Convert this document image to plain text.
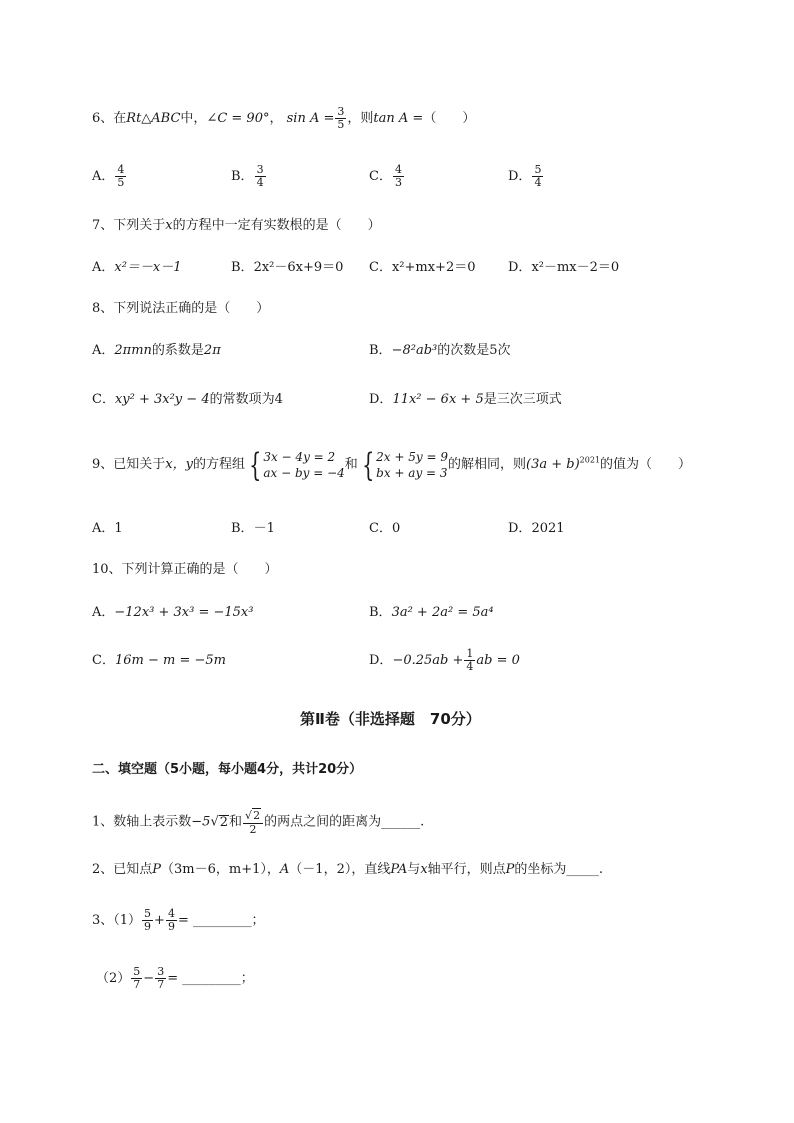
6、在Rt△ABC中，∠C = 90°， $\sin A = \frac{3}{5}$ ，则tan A =（　　）
A． $\frac{4}{5}$	B． $\frac{3}{4}$	C． $\frac{4}{3}$	D． $\frac{5}{4}$
7、下列关于x的方程中一定有实数根的是（　　）
A．x²＝－x－1	B．2x²－6x+9＝0 C．x²+mx+2＝0	D．x²－mx－2＝0
8、下列说法正确的是（　　）
A．2πmn的系数是2π	B．−8²ab³的次数是5次
C．xy² + 3x²y − 4的常数项为4	D．11x² − 6x + 5是三次三项式
9、已知关于x，y的方程组 { 3x − 4y = 2
ax − by = −4
和 { 2x + 5y = 9
bx + ay = 3
的解相同，则$(3a + b)^{2021}$的值为（　　）
A．1	B．－1	C．0	D．2021
10、下列计算正确的是（　　）
A．−12x³ + 3x³ = −15x³	B．3a² + 2a² = 5a⁴
C．16m − m = −5m	D．$-0.25ab + \frac{1}{4}$ ab = 0
第Ⅱ卷（非选择题　70分）
二、填空题（5小题，每小题4分，共计20分）
1、数轴上表示数−5√2和 $\frac{√2}{2}$ 的两点之间的距离为______.
2、已知点P（3m－6，m+1），A（－1，2），直线PA与x轴平行，则点P的坐标为_____.
3、$(1) \frac{5}{9} + \frac{4}{9}$ = _________；
$(2) \frac{5}{7} - \frac{3}{7}$ = _________；
